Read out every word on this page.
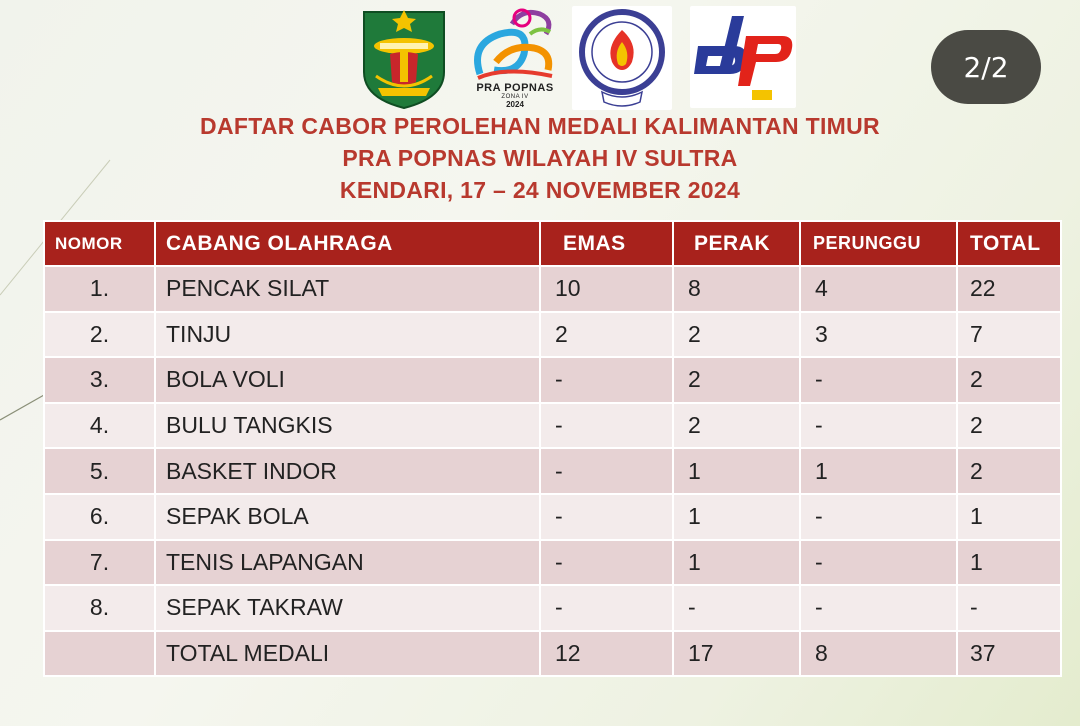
PRA POPNAS
ZONA IV
2024
2/2
DAFTAR CABOR PEROLEHAN MEDALI KALIMANTAN TIMUR
PRA POPNAS WILAYAH IV SULTRA
KENDARI, 17 – 24 NOVEMBER 2024
NOMOR	CABANG OLAHRAGA	EMAS	PERAK	PERUNGGU	TOTAL
1.	PENCAK SILAT	10	8	4	22
2.	TINJU	2	2	3	7
3.	BOLA VOLI	-	2	-	2
4.	BULU TANGKIS	-	2	-	2
5.	BASKET INDOR	-	1	1	2
6.	SEPAK BOLA	-	1	-	1
7.	TENIS LAPANGAN	-	1	-	1
8.	SEPAK TAKRAW	-	-	-	-
	TOTAL MEDALI	12	17	8	37
